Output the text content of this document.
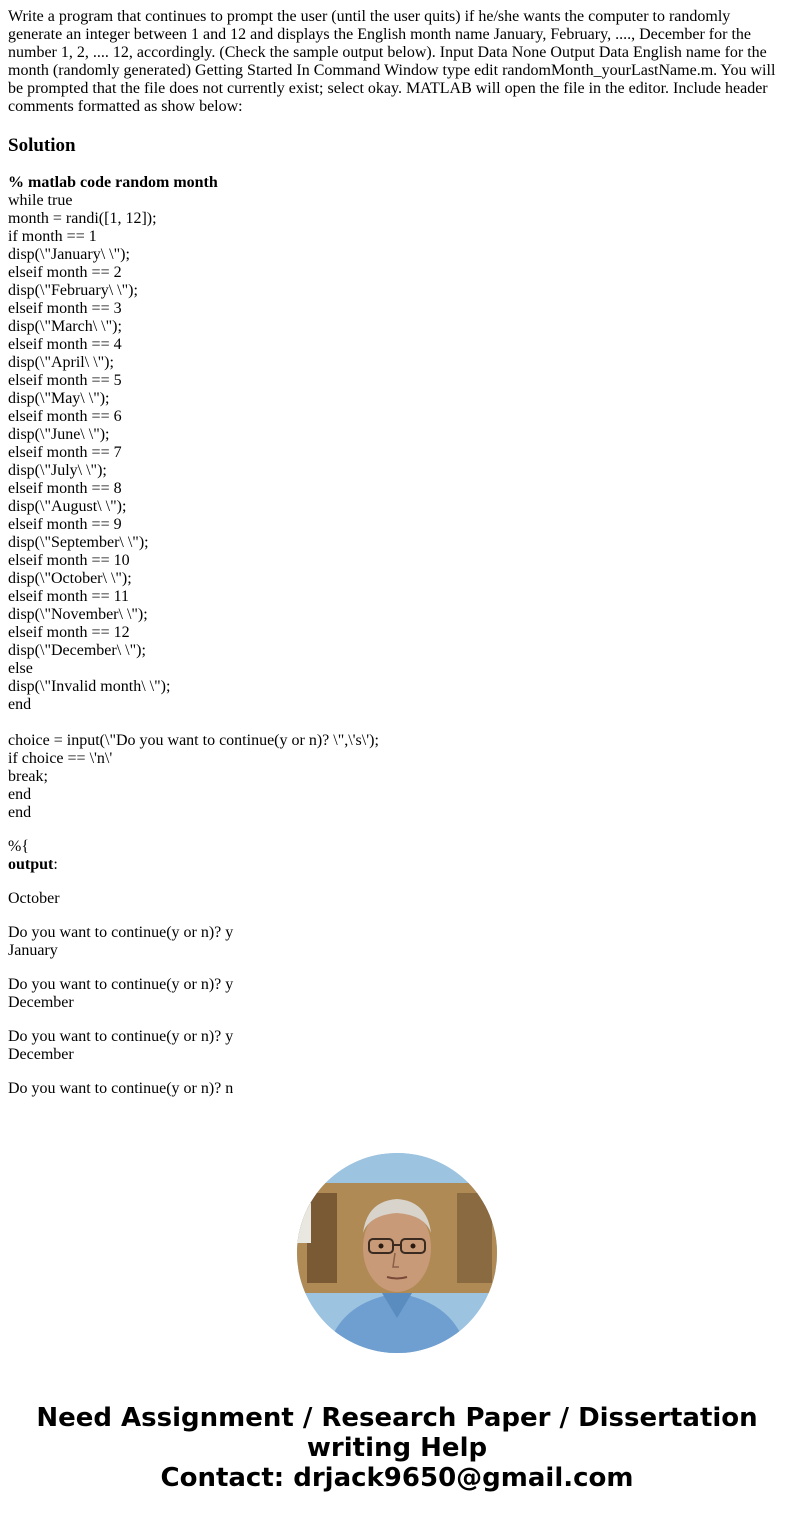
Write a program that continues to prompt the user (until the user quits) if he/she wants the computer to randomly generate an integer between 1 and 12 and displays the English month name January, February, ...., December for the number 1, 2, .... 12, accordingly. (Check the sample output below). Input Data None Output Data English name for the month (randomly generated) Getting Started In Command Window type edit randomMonth_yourLastName.m. You will be prompted that the file does not currently exist; select okay. MATLAB will open the file in the editor. Include header comments formatted as show below:

Solution
% matlab code random month
while true
month = randi([1, 12]);
if month == 1
disp(\"January\ \");
elseif month == 2
disp(\"February\ \");
elseif month == 3
disp(\"March\ \");
elseif month == 4
disp(\"April\ \");
elseif month == 5
disp(\"May\ \");
elseif month == 6
disp(\"June\ \");
elseif month == 7
disp(\"July\ \");
elseif month == 8
disp(\"August\ \");
elseif month == 9
disp(\"September\ \");
elseif month == 10
disp(\"October\ \");
elseif month == 11
disp(\"November\ \");
elseif month == 12
disp(\"December\ \");
else
disp(\"Invalid month\ \");
end
choice = input(\"Do you want to continue(y or n)? \",\'s\');
if choice == \'n\'
break;
end
end
%{
output:
October
Do you want to continue(y or n)? y
January
Do you want to continue(y or n)? y
December
Do you want to continue(y or n)? y
December
Do you want to continue(y or n)? n
Need Assignment / Research Paper / Dissertation
writing Help
Contact: drjack9650@gmail.com
